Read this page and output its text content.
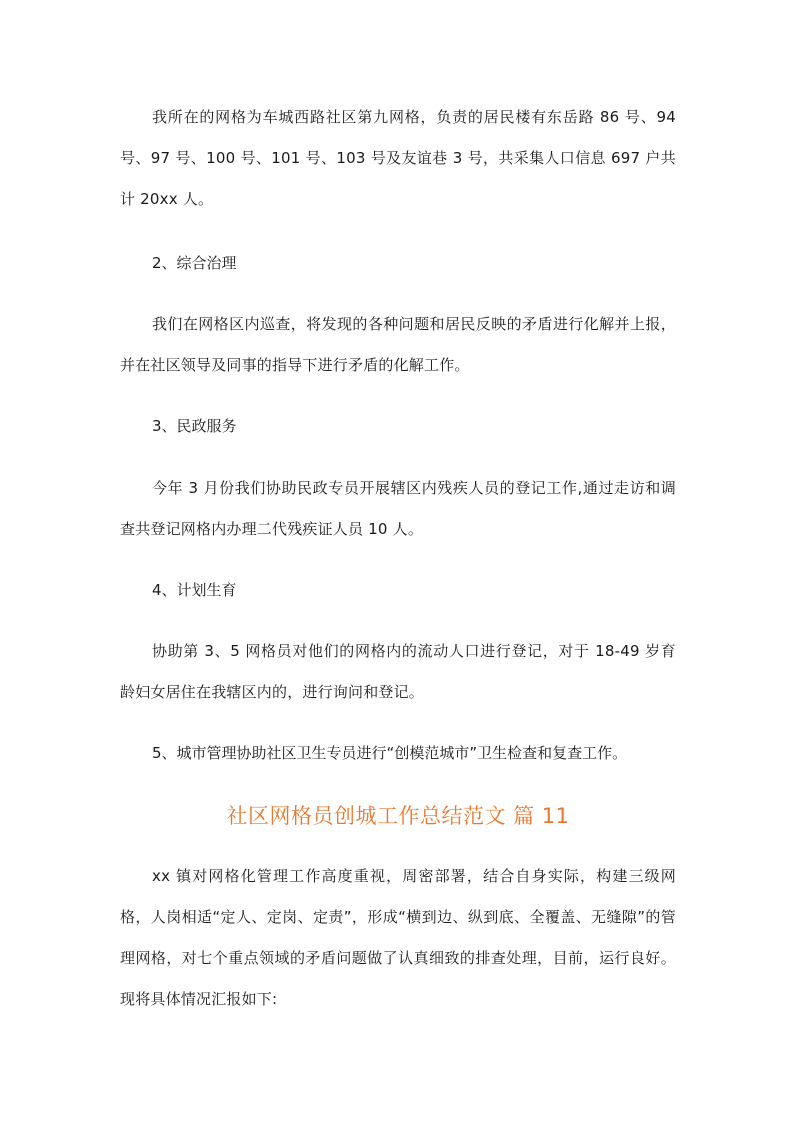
我所在的网格为车城西路社区第九网格，负责的居民楼有东岳路 86 号、94 号、97 号、100 号、101 号、103 号及友谊巷 3 号，共采集人口信息 697 户共计 20xx 人。

2、综合治理

我们在网格区内巡查，将发现的各种问题和居民反映的矛盾进行化解并上报，并在社区领导及同事的指导下进行矛盾的化解工作。

3、民政服务

今年 3 月份我们协助民政专员开展辖区内残疾人员的登记工作,通过走访和调查共登记网格内办理二代残疾证人员 10 人。

4、计划生育

协助第 3、5 网格员对他们的网格内的流动人口进行登记，对于 18-49 岁育龄妇女居住在我辖区内的，进行询问和登记。

5、城市管理协助社区卫生专员进行“创模范城市”卫生检查和复查工作。

社区网格员创城工作总结范文 篇 11

xx 镇对网格化管理工作高度重视，周密部署，结合自身实际，构建三级网格，人岗相适“定人、定岗、定责”，形成“横到边、纵到底、全覆盖、无缝隙”的管理网格，对七个重点领域的矛盾问题做了认真细致的排查处理，目前，运行良好。现将具体情况汇报如下:
